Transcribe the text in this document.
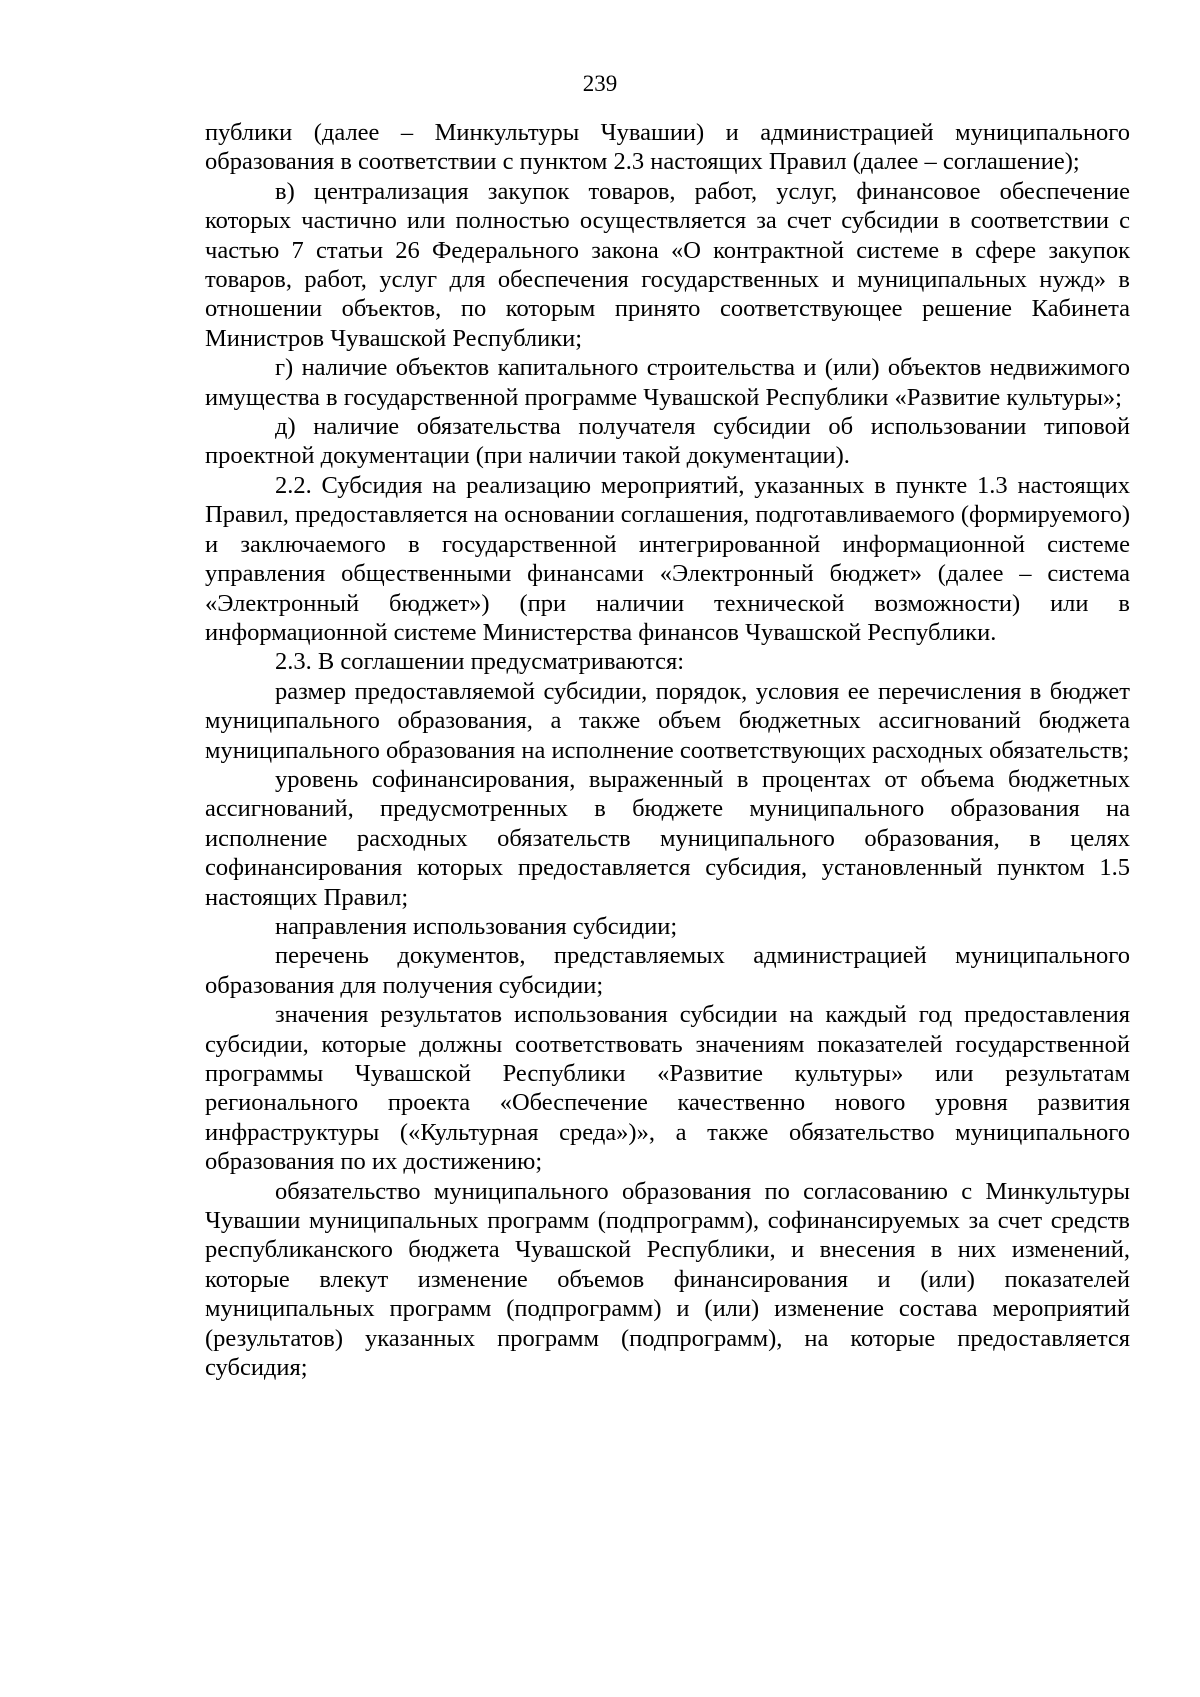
239

публики (далее – Минкультуры Чувашии) и администрацией муниципального образования в соответствии с пунктом 2.3 настоящих Правил (далее – соглашение);

в) централизация закупок товаров, работ, услуг, финансовое обеспечение которых частично или полностью осуществляется за счет субсидии в соответствии с частью 7 статьи 26 Федерального закона «О контрактной системе в сфере закупок товаров, работ, услуг для обеспечения государственных и муниципальных нужд» в отношении объектов, по которым принято соответствующее решение Кабинета Министров Чувашской Республики;

г) наличие объектов капитального строительства и (или) объектов недвижимого имущества в государственной программе Чувашской Республики «Развитие культуры»;

д) наличие обязательства получателя субсидии об использовании типовой проектной документации (при наличии такой документации).

2.2. Субсидия на реализацию мероприятий, указанных в пункте 1.3 настоящих Правил, предоставляется на основании соглашения, подготавливаемого (формируемого) и заключаемого в государственной интегрированной информационной системе управления общественными финансами «Электронный бюджет» (далее – система «Электронный бюджет») (при наличии технической возможности) или в информационной системе Министерства финансов Чувашской Республики.

2.3. В соглашении предусматриваются:

размер предоставляемой субсидии, порядок, условия ее перечисления в бюджет муниципального образования, а также объем бюджетных ассигнований бюджета муниципального образования на исполнение соответствующих расходных обязательств;

уровень софинансирования, выраженный в процентах от объема бюджетных ассигнований, предусмотренных в бюджете муниципального образования на исполнение расходных обязательств муниципального образования, в целях софинансирования которых предоставляется субсидия, установленный пунктом 1.5 настоящих Правил;

направления использования субсидии;

перечень документов, представляемых администрацией муниципального образования для получения субсидии;

значения результатов использования субсидии на каждый год предоставления субсидии, которые должны соответствовать значениям показателей государственной программы Чувашской Республики «Развитие культуры» или результатам регионального проекта «Обеспечение качественно нового уровня развития инфраструктуры («Культурная среда»)», а также обязательство муниципального образования по их достижению;

обязательство муниципального образования по согласованию с Минкультуры Чувашии муниципальных программ (подпрограмм), софинансируемых за счет средств республиканского бюджета Чувашской Республики, и внесения в них изменений, которые влекут изменение объемов финансирования и (или) показателей муниципальных программ (подпрограмм) и (или) изменение состава мероприятий (результатов) указанных программ (подпрограмм), на которые предоставляется субсидия;
